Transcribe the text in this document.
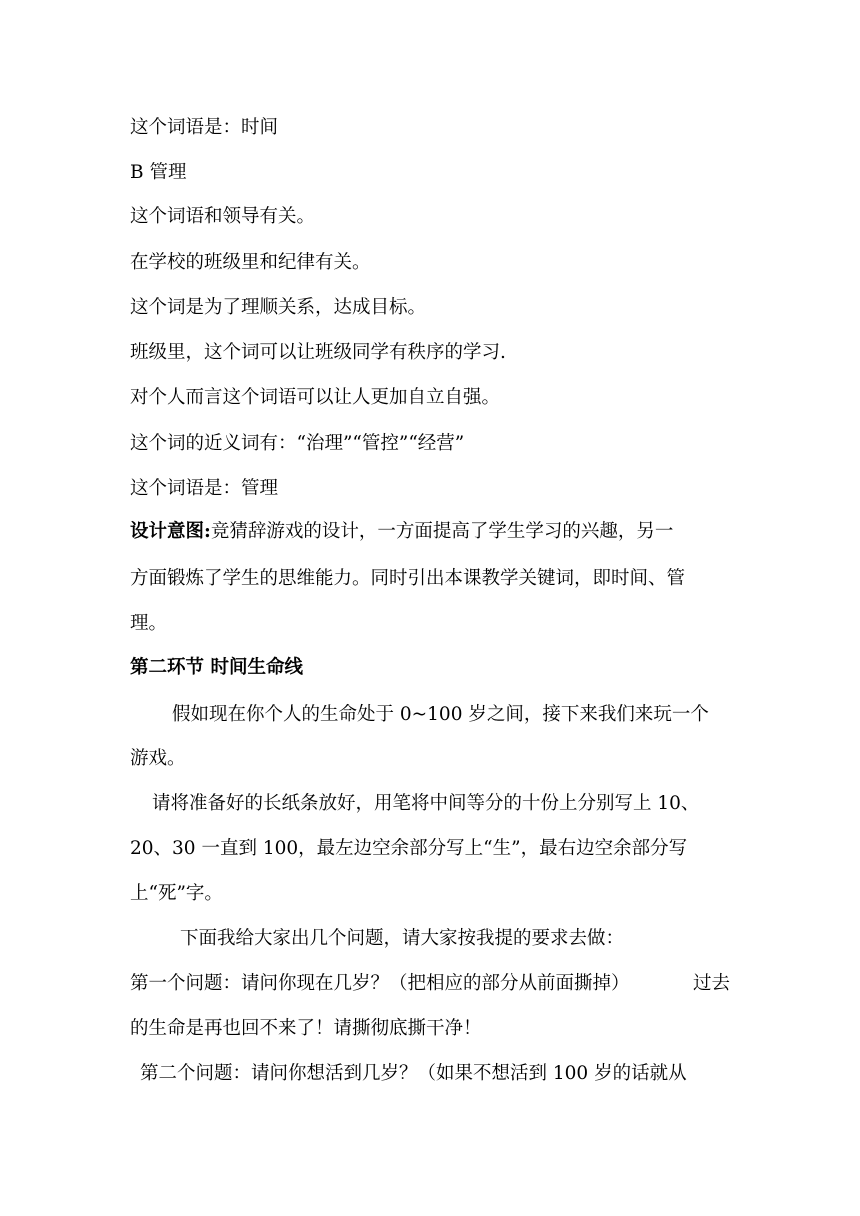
这个词语是：时间
B 管理
这个词语和领导有关。
在学校的班级里和纪律有关。
这个词是为了理顺关系，达成目标。
班级里，这个词可以让班级同学有秩序的学习.
对个人而言这个词语可以让人更加自立自强。
这个词的近义词有：“治理”“管控”“经营”
这个词语是：管理
设计意图:竞猜辞游戏的设计，一方面提高了学生学习的兴趣，另一
方面锻炼了学生的思维能力。同时引出本课教学关键词，即时间、管
理。
第二环节 时间生命线
假如现在你个人的生命处于 0~100 岁之间，接下来我们来玩一个
游戏。
请将准备好的长纸条放好，用笔将中间等分的十份上分别写上 10、
20、30 一直到 100，最左边空余部分写上“生”，最右边空余部分写
上“死”字。
下面我给大家出几个问题，请大家按我提的要求去做：
第一个问题：请问你现在几岁？（把相应的部分从前面撕掉）	过去
的生命是再也回不来了！请撕彻底撕干净！
第二个问题：请问你想活到几岁？（如果不想活到 100 岁的话就从
